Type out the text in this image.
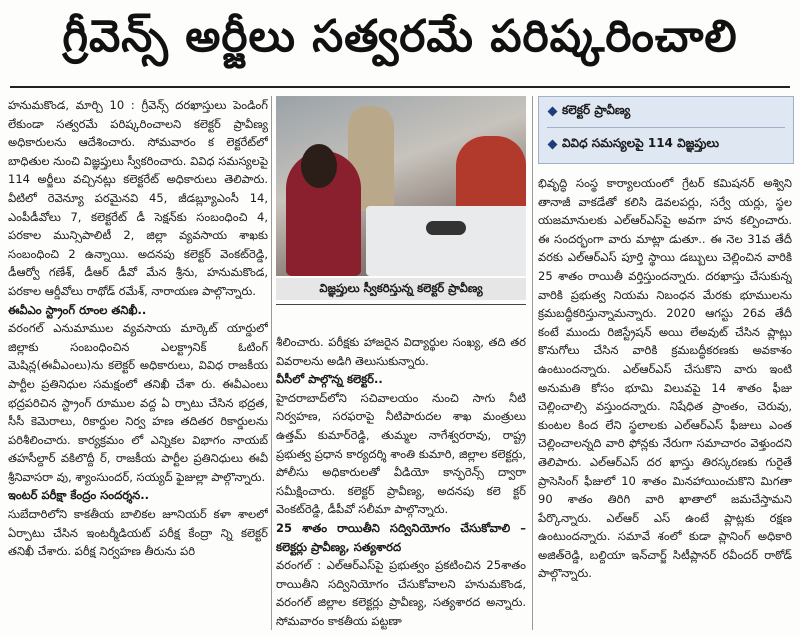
గ్రీవెన్స్ అర్జీలు సత్వరమే పరిష్కరించాలి

హనుమకొండ, మార్చి 10 : గ్రీవెన్స్ దరఖాస్తులు పెండింగ్ లేకుండా సత్వరమే పరిష్కరించాలని కలెక్టర్ ప్రావీణ్య అధికారులను ఆదేశించారు. సోమవారం క లెక్టరేట్‌లో బాధితుల నుంచి విజ్ఞప్తులు స్వీకరించారు. వివిధ సమస్యలపై 114 అర్జీలు వచ్చినట్లు కలెక్టరేట్ అధికారులు తెలిపారు. వీటిలో రెవెన్యూ పరమైనవి 45, జీడబ్ల్యూఎంసీ 14, ఎంపీడీవోలు 7, కలెక్టరేట్ డీ సెక్షన్‌కు సంబంధించి 4, పరకాల మున్సిపాలిటీ 2, జిల్లా వ్యవసాయ శాఖకు సంబంధించి 2 ఉన్నాయి. అదనపు కలెక్టర్ వెంకట్‌రెడ్డి, డీఆర్వో గణేశ్, డీఆర్ డీవో మేన శ్రీను, హనుమకొండ, పరకాల ఆర్డీవోలు రాథోడ్ రమేశ్, నారాయణ పాల్గొన్నారు.

ఈవీఎం స్ట్రాంగ్ రూంల తనిఖీ..

వరంగల్ ఎనుమాముల వ్యవసాయ మార్కెట్ యార్డులో జిల్లాకు సంబంధించిన ఎలక్ట్రానిక్ ఓటింగ్ మెషిన్ల(ఈవీఎంలు)ను కలెక్టర్ అధికారులు, వివిధ రాజకీయ పార్టీల ప్రతినిధుల సమక్షంలో తనిఖీ చేశా రు. ఈవీఎంలు భద్రపరిచిన స్ట్రాంగ్ రూముల వద్ద ఏ ర్పాటు చేసిన భద్రత, సీసీ కెమెరాలు, రికార్డుల నిర్వ హణ తదితర రికార్డులను పరిశీలించారు. కార్యక్రమం లో ఎన్నికల విభాగం నాయబ్ తహసీల్దార్ వకిలొద్దీ ర్, రాజకీయ పార్టీల ప్రతినిధులు ఈవీ శ్రీనివాసరా వు, శ్యాంసుందర్, సయ్యద్ ఫైజుల్లా పాల్గొన్నారు.

ఇంటర్ పరీక్షా కేంద్రం సందర్శన..

సుబేదారిలోని కాకతీయ బాలికల జూనియర్ కళా శాలలో ఏర్పాటు చేసిన ఇంటర్మీడియట్ పరీక్ష కేంద్రా న్ని కలెక్టర్ తనిఖీ చేశారు. పరీక్ష నిర్వహణ తీరును పరి

విజ్ఞప్తులు స్వీకరిస్తున్న కలెక్టర్ ప్రావీణ్య

శీలించారు. పరీక్షకు హాజరైన విద్యార్థుల సంఖ్య, తది తర వివరాలను అడిగి తెలుసుకున్నారు.

వీసీలో పాల్గొన్న కలెక్టర్..

హైదరాబాద్‌లోని సచివాలయం నుంచి సాగు నీటి నిర్వహణ, సరఫరాపై నీటిపారుదల శాఖ మంత్రులు ఉత్తమ్ కుమార్‌రెడ్డి, తుమ్మల నాగేశ్వరరావు, రాష్ట్ర ప్రభుత్వ ప్రధాన కార్యదర్శి శాంతి కుమారి, జిల్లాల కలెక్టర్లు, పోలీసు అధికారులతో వీడియో కాన్ఫరెన్స్ ద్వారా సమీక్షించారు. కలెక్టర్ ప్రావీణ్య, అదనపు కలె క్టర్ వెంకట్‌రెడ్డి, డీపీవో సలీమా పాల్గొన్నారు.

25 శాతం రాయితీని సద్వినియోగం చేసుకోవాలి – కలెక్టర్లు ప్రావీణ్య, సత్యశారద

వరంగల్ : ఎల్‌ఆర్‌ఎస్‌పై ప్రభుత్వం ప్రకటించిన 25శాతం రాయితీని సద్వినియోగం చేసుకోవాలని హనుమకొండ, వరంగల్ జిల్లాల కలెక్టర్లు ప్రావీణ్య, సత్యశారద అన్నారు. సోమవారం కాకతీయ పట్టణా

కలెక్టర్ ప్రావీణ్య
వివిధ సమస్యలపై 114 విజ్ఞప్తులు

భివృద్ధి సంస్థ కార్యాలయంలో గ్రేటర్ కమిషనర్ అశ్విని తానాజీ వాకడేతో కలిసి డెవలపర్లు, సర్వే యర్లు, స్థల యజమానులకు ఎల్‌ఆర్‌ఎస్‌పై అవగా హన కల్పించారు. ఈ సందర్భంగా వారు మాట్లా డుతూ.. ఈ నెల 31వ తేదీ వరకు ఎల్‌ఆర్‌ఎస్ పూర్తి స్థాయి డబ్బులు చెల్లించిన వారికి 25 శాతం రాయితీ వర్తిస్తుందన్నారు. దరఖాస్తు చేసుకున్న వారికి ప్రభుత్వ నియమ నిబంధన మేరకు భూములను క్రమబద్ధీకరిస్తున్నామన్నారు. 2020 ఆగస్టు 26వ తేదీ కంటే ముందు రిజిస్ట్రేషన్ అయి లేఅవుట్ చేసిన ప్లాట్లు కొనుగోలు చేసిన వారికి క్రమబద్ధీకరణకు అవకాశం ఉంటుందన్నారు. ఎల్‌ఆర్‌ఎస్ చేసుకొని వారు ఇంటి అనుమతి కోసం భూమి విలువపై 14 శాతం ఫీజు చెల్లించాల్సి వస్తుందన్నారు. నిషేధిత ప్రాంతం, చెరువు, కుంటల కింద లేని స్థలాలకు ఎల్‌ఆర్‌ఎస్ ఫీజులు ఎంత చెల్లించాలన్నది వారి ఫోన్లకు నేరుగా సమాచారం వెళ్తుందని తెలిపారు. ఎల్‌ఆర్‌ఎస్ దర ఖాస్తు తిరస్కరణకు గురైతే ప్రాసెసింగ్ ఫీజులో 10 శాతం మినహాయించుకొని మిగతా 90 శాతం తిరిగి వారి ఖాతాలో జమచేస్తామని పేర్కొన్నారు. ఎల్‌ఆర్ ఎస్ ఉంటే ప్లాట్లకు రక్షణ ఉంటుందన్నారు. సమావే శంలో కుడా ప్లానింగ్ అధికారి అజిత్‌రెడ్డి, బల్దియా ఇన్‌చార్జ్ సిటీప్లానర్ రవీందర్ రాఠోడ్ పాల్గొన్నారు.
